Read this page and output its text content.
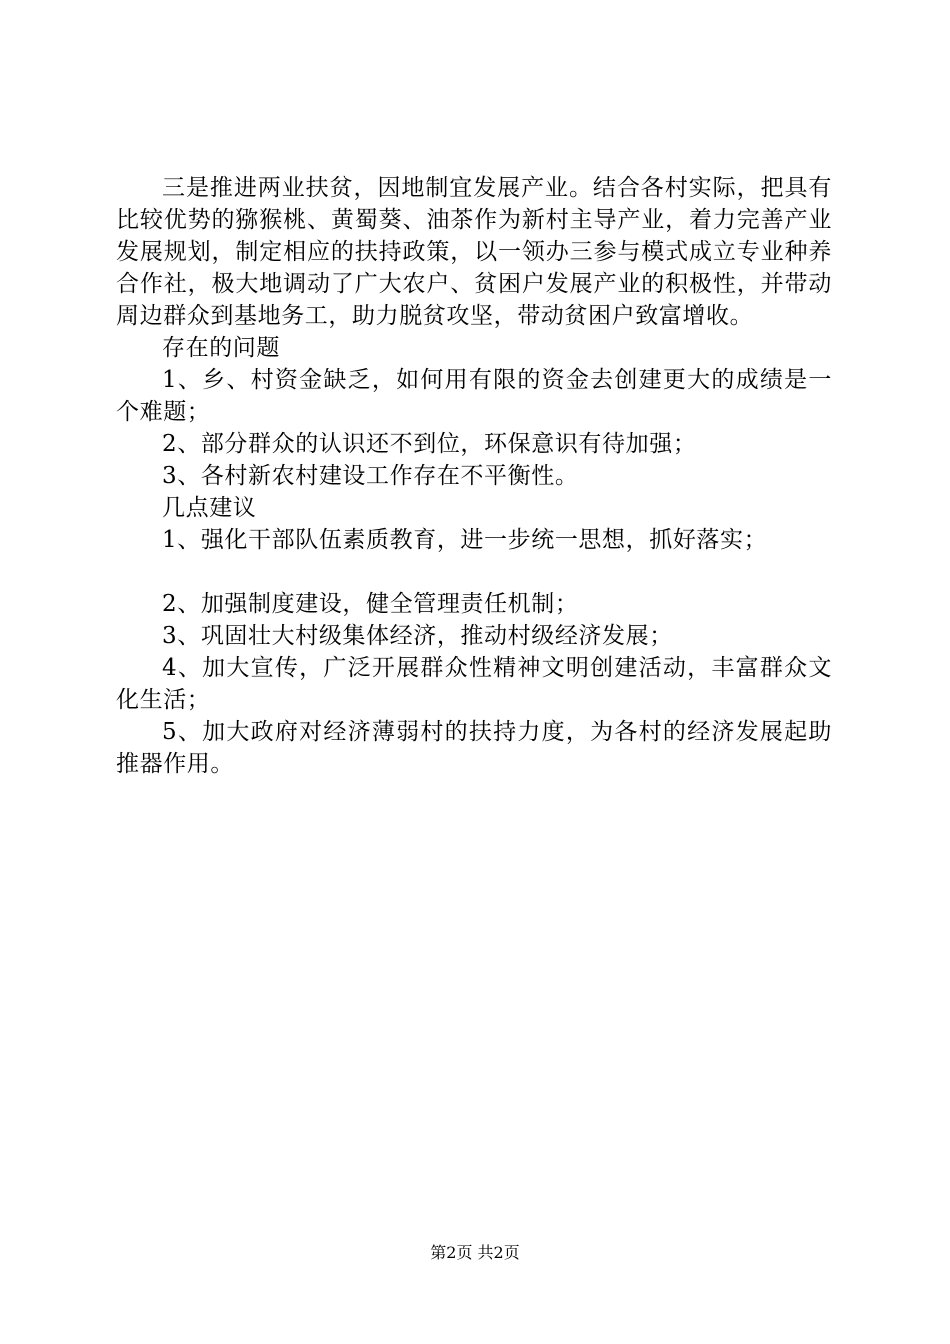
三是推进两业扶贫，因地制宜发展产业。结合各村实际，把具有比较优势的猕猴桃、黄蜀葵、油茶作为新村主导产业，着力完善产业发展规划，制定相应的扶持政策，以一领办三参与模式成立专业种养合作社，极大地调动了广大农户、贫困户发展产业的积极性，并带动周边群众到基地务工，助力脱贫攻坚，带动贫困户致富增收。

存在的问题

1、乡、村资金缺乏，如何用有限的资金去创建更大的成绩是一个难题；

2、部分群众的认识还不到位，环保意识有待加强；

3、各村新农村建设工作存在不平衡性。

几点建议

1、强化干部队伍素质教育，进一步统一思想，抓好落实；

2、加强制度建设，健全管理责任机制；

3、巩固壮大村级集体经济，推动村级经济发展；

4、加大宣传，广泛开展群众性精神文明创建活动，丰富群众文化生活；

5、加大政府对经济薄弱村的扶持力度，为各村的经济发展起助推器作用。

第2页 共2页
